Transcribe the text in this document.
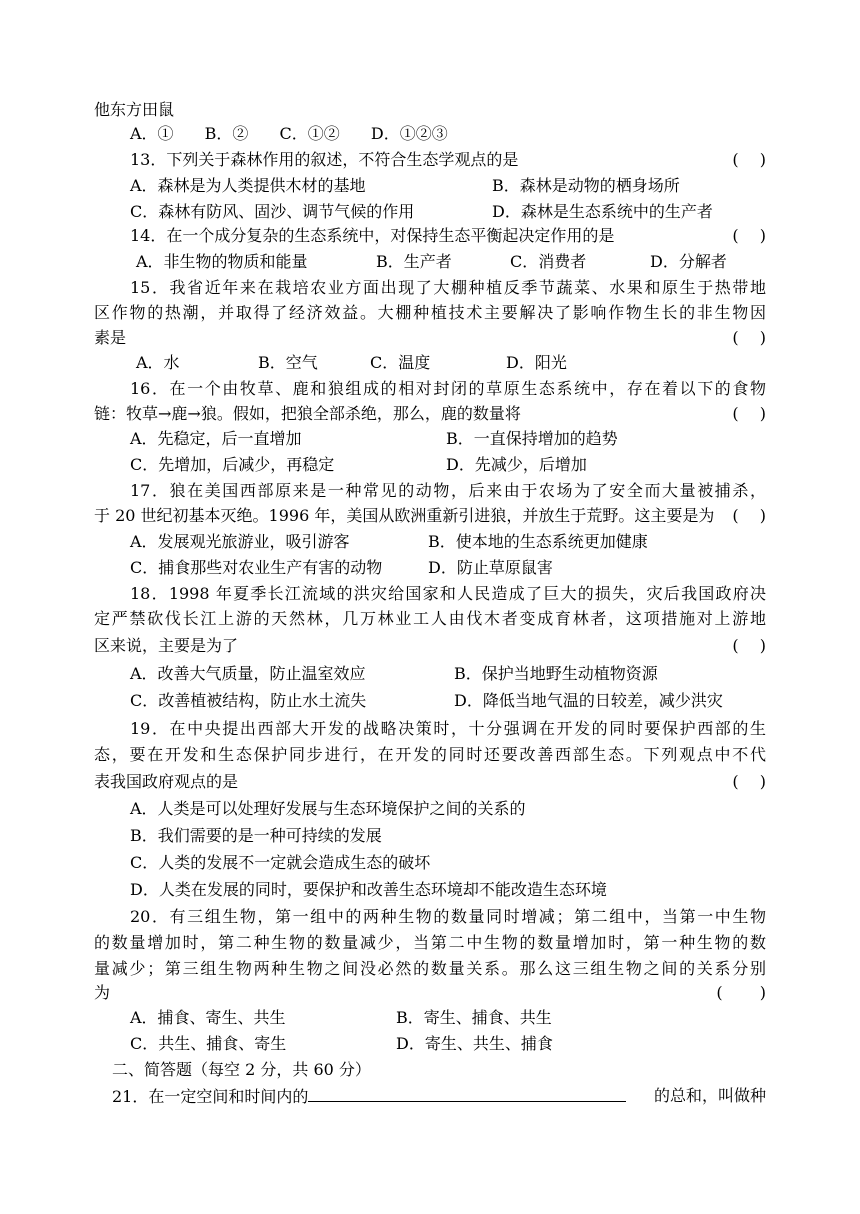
他东方田鼠
A．① B．② C．①② D．①②③
13．下列关于森林作用的叙述，不符合生态学观点的是	(　 )
A．森林是为人类提供木材的基地	B．森林是动物的栖身场所
C．森林有防风、固沙、调节气候的作用	D．森林是生态系统中的生产者
14．在一个成分复杂的生态系统中，对保持生态平衡起决定作用的是	(　 )
A．非生物的物质和能量	B．生产者	C．消费者	D．分解者
15．我省近年来在栽培农业方面出现了大棚种植反季节蔬菜、水果和原生于热带地
区作物的热潮，并取得了经济效益。大棚种植技术主要解决了影响作物生长的非生物因
素是	(　 )
A．水	B．空气	C．温度	D．阳光
16．在一个由牧草、鹿和狼组成的相对封闭的草原生态系统中，存在着以下的食物
链：牧草→鹿→狼。假如，把狼全部杀绝，那么，鹿的数量将	(　 )
A．先稳定，后一直增加	B．一直保持增加的趋势
C．先增加，后减少，再稳定	D．先减少，后增加
17．狼在美国西部原来是一种常见的动物，后来由于农场为了安全而大量被捕杀，
于 20 世纪初基本灭绝。1996 年，美国从欧洲重新引进狼，并放生于荒野。这主要是为 (　 )
A．发展观光旅游业，吸引游客	B．使本地的生态系统更加健康
C．捕食那些对农业生产有害的动物	D．防止草原鼠害
18．1998 年夏季长江流域的洪灾给国家和人民造成了巨大的损失，灾后我国政府决
定严禁砍伐长江上游的天然林，几万林业工人由伐木者变成育林者，这项措施对上游地
区来说，主要是为了	(　 )
A．改善大气质量，防止温室效应	B．保护当地野生动植物资源
C．改善植被结构，防止水土流失	D．降低当地气温的日较差，减少洪灾
19．在中央提出西部大开发的战略决策时，十分强调在开发的同时要保护西部的生
态，要在开发和生态保护同步进行，在开发的同时还要改善西部生态。下列观点中不代
表我国政府观点的是	(　 )
A．人类是可以处理好发展与生态环境保护之间的关系的
B．我们需要的是一种可持续的发展
C．人类的发展不一定就会造成生态的破坏
D．人类在发展的同时，要保护和改善生态环境却不能改造生态环境
20．有三组生物，第一组中的两种生物的数量同时增减；第二组中，当第一中生物
的数量增加时，第二种生物的数量减少，当第二中生物的数量增加时，第一种生物的数
量减少；第三组生物两种生物之间没必然的数量关系。那么这三组生物之间的关系分别
为	(　 　)
A．捕食、寄生、共生	B．寄生、捕食、共生
C．共生、捕食、寄生	D．寄生、共生、捕食
二、简答题（每空 2 分，共 60 分）
21．在一定空间和时间内的	的总和，叫做种
